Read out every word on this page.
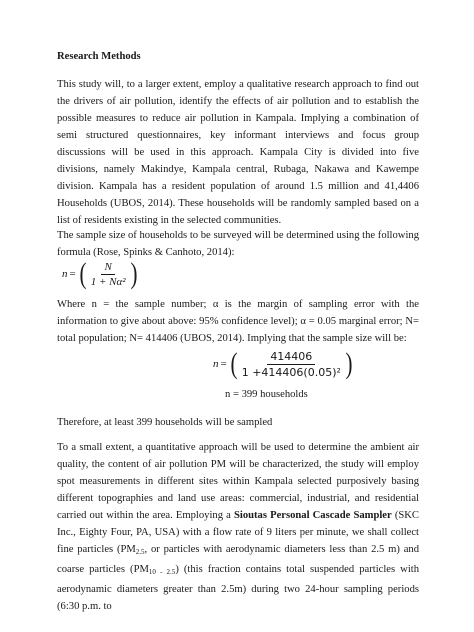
Research Methods

This study will, to a larger extent, employ a qualitative research approach to find out the drivers of air pollution, identify the effects of air pollution and to establish the possible measures to reduce air pollution in Kampala. Implying a combination of semi structured questionnaires, key informant interviews and focus group discussions will be used in this approach. Kampala City is divided into five divisions, namely Makindye, Kampala central, Rubaga, Nakawa and Kawempe division. Kampala has a resident population of around 1.5 million and 41,4406 Households (UBOS, 2014). These households will be randomly sampled based on a list of residents existing in the selected communities.

The sample size of households to be surveyed will be determined using the following formula (Rose, Spinks & Canhoto, 2014):

n = ( $\frac{N}{\text{1 + Nα²}}$ )

Where n = the sample number; α is the margin of sampling error with the information to give about above: 95% confidence level); α = 0.05 marginal error; N= total population; N= 414406 (UBOS, 2014). Implying that the sample size will be:

n = ( $\frac{414406}{\text{1 +414406(0.05)²}}$ )
n = 399 households

Therefore, at least 399 households will be sampled

To a small extent, a quantitative approach will be used to determine the ambient air quality, the content of air pollution PM will be characterized, the study will employ spot measurements in different sites within Kampala selected purposively basing different topographies and land use areas: commercial, industrial, and residential carried out within the area. Employing a Sioutas Personal Cascade Sampler (SKC Inc., Eighty Four, PA, USA) with a flow rate of 9 liters per minute, we shall collect fine particles ($PM_{2.5}$, or particles with aerodynamic diameters less than 2.5 m) and coarse particles $(PM_{10 - 2.5})$ (this fraction contains total suspended particles with aerodynamic diameters greater than 2.5m) during two 24-hour sampling periods (6:30 p.m. to
